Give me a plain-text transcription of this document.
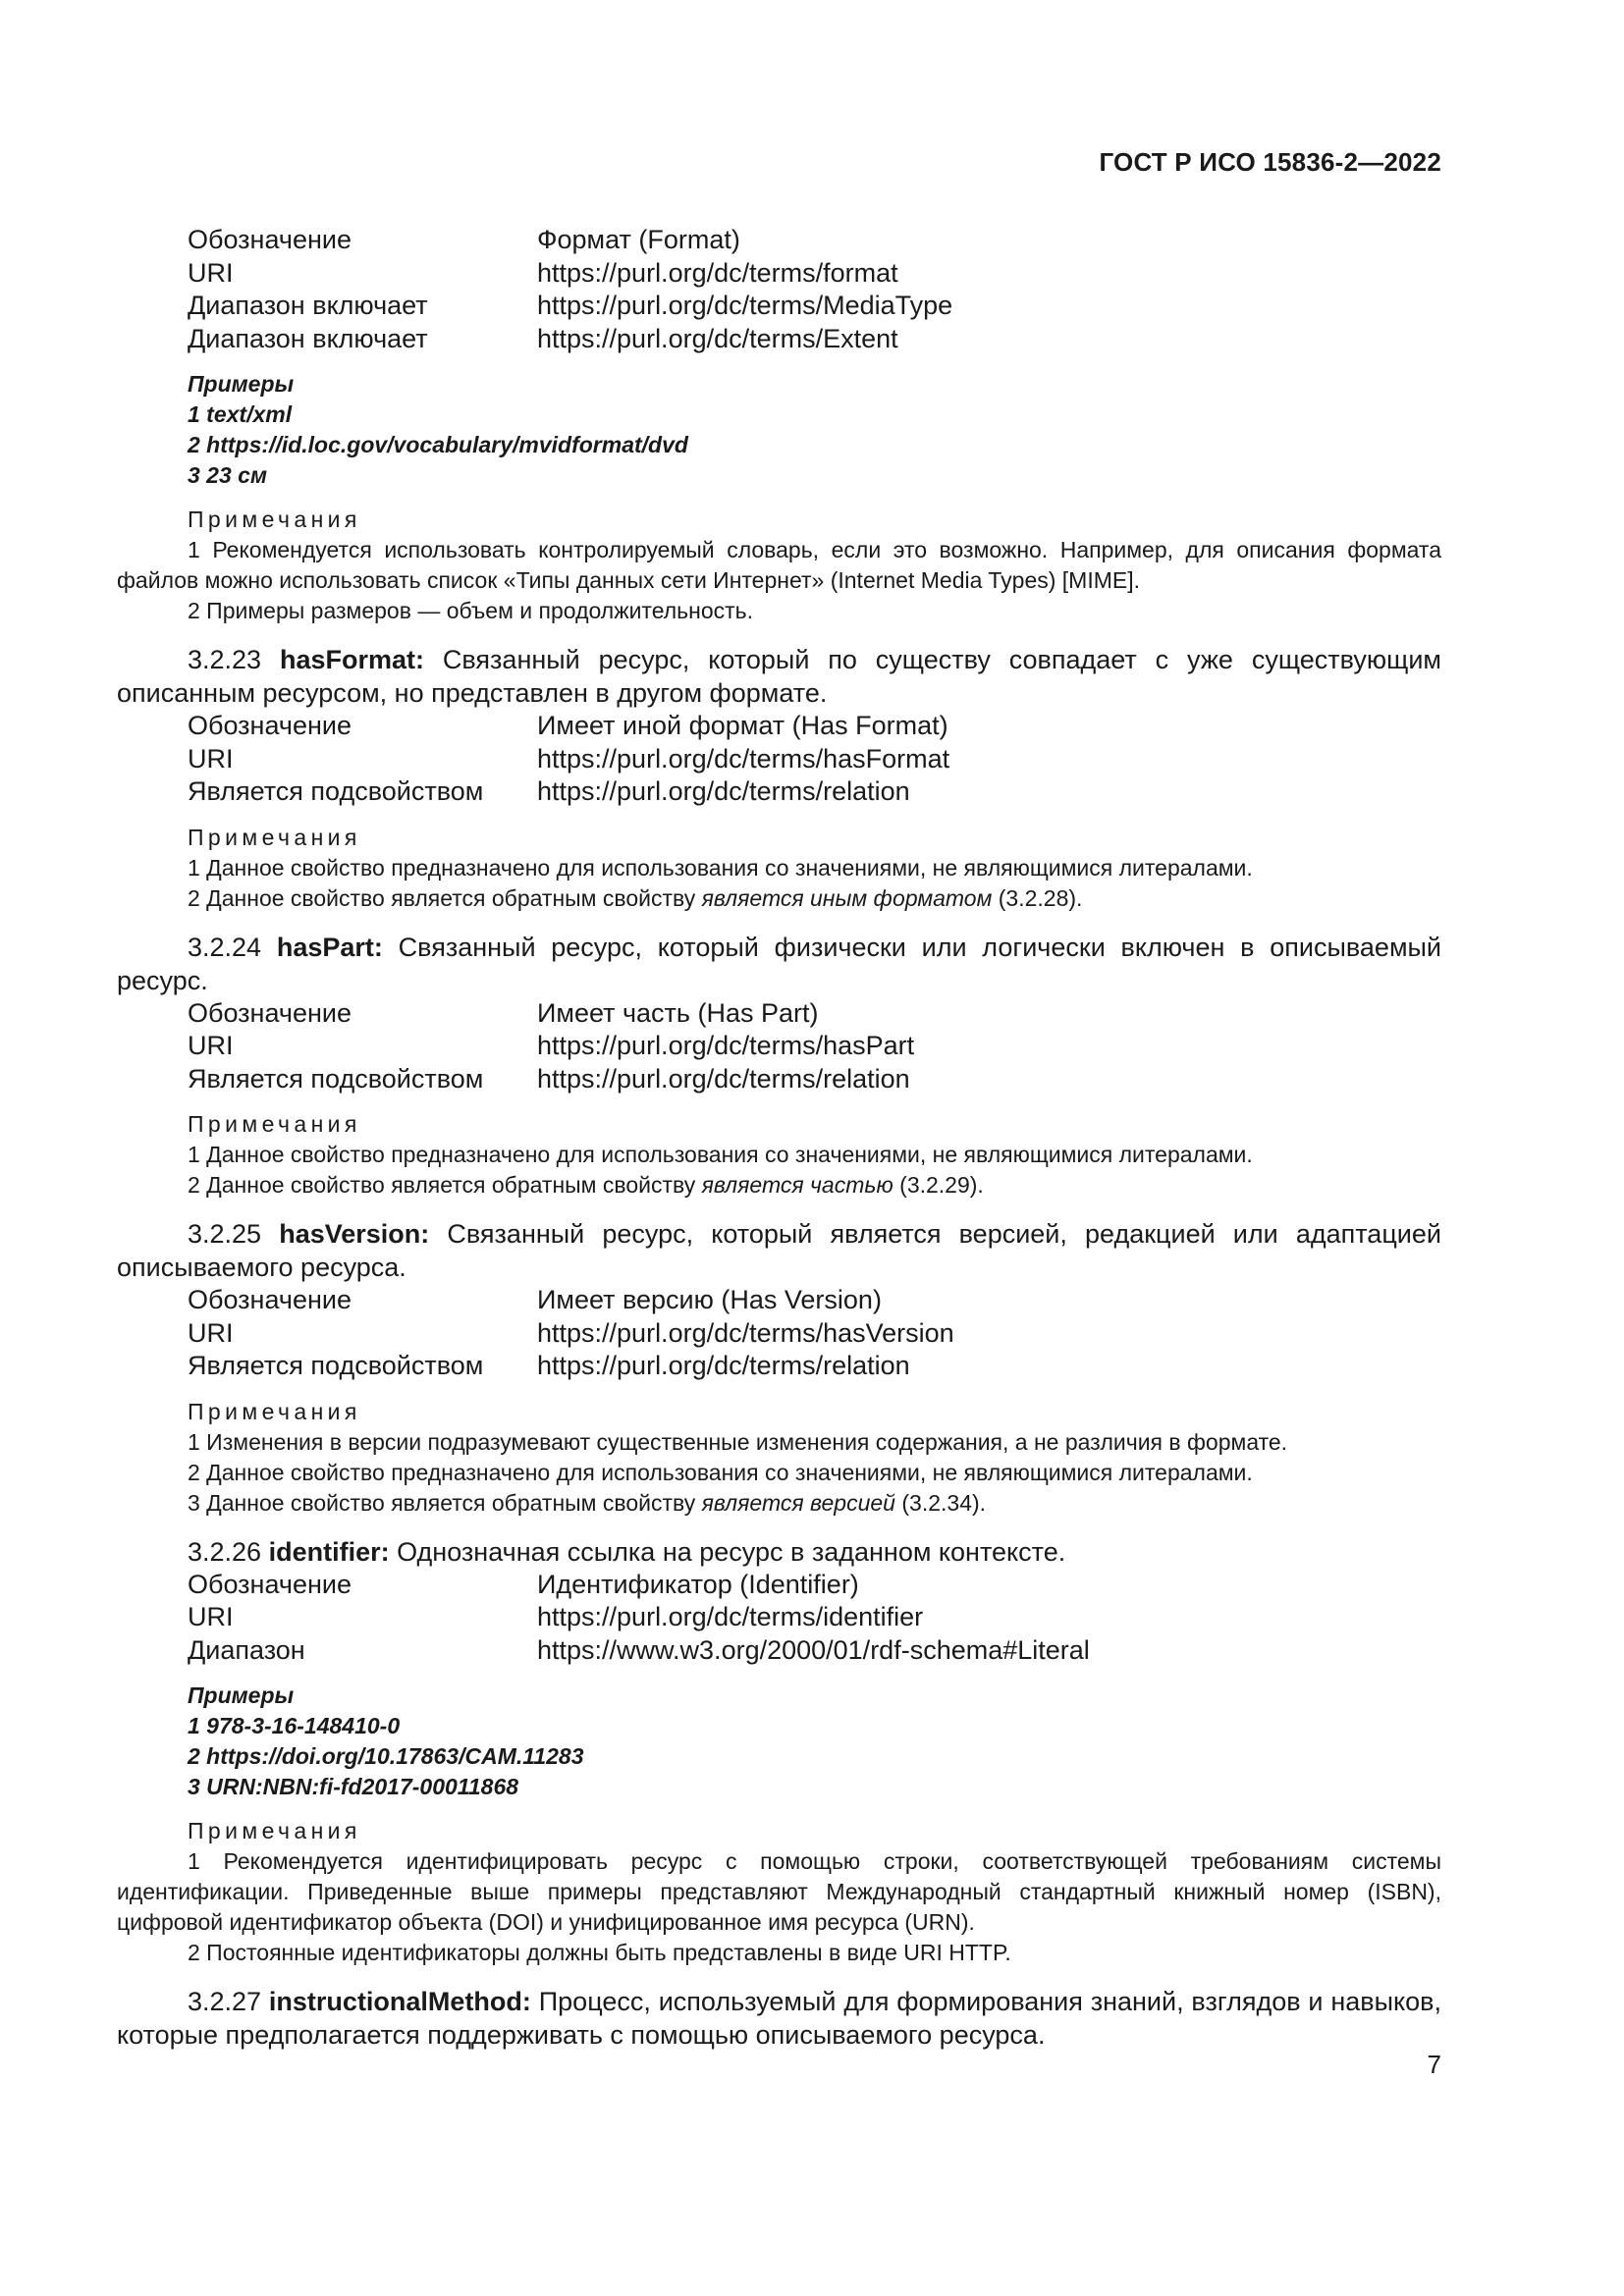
ГОСТ Р ИСО 15836-2—2022
Обозначение	Формат (Format)
URI	https://purl.org/dc/terms/format
Диапазон включает	https://purl.org/dc/terms/MediaType
Диапазон включает	https://purl.org/dc/terms/Extent

Примеры

1 text/xml

2 https://id.loc.gov/vocabulary/mvidformat/dvd

3 23 см

Примечания

1 Рекомендуется использовать контролируемый словарь, если это возможно. Например, для описания формата файлов можно использовать список «Типы данных сети Интернет» (Internet Media Types) [MIME].

2 Примеры размеров — объем и продолжительность.

3.2.23 hasFormat: Связанный ресурс, который по существу совпадает с уже существующим описанным ресурсом, но представлен в другом формате.

Обозначение	Имеет иной формат (Has Format)
URI	https://purl.org/dc/terms/hasFormat
Является подсвойством	https://purl.org/dc/terms/relation

Примечания

1 Данное свойство предназначено для использования со значениями, не являющимися литералами.

2 Данное свойство является обратным свойству является иным форматом (3.2.28).

3.2.24 hasPart: Связанный ресурс, который физически или логически включен в описываемый ресурс.

Обозначение	Имеет часть (Has Part)
URI	https://purl.org/dc/terms/hasPart
Является подсвойством	https://purl.org/dc/terms/relation

Примечания

1 Данное свойство предназначено для использования со значениями, не являющимися литералами.

2 Данное свойство является обратным свойству является частью (3.2.29).

3.2.25 hasVersion: Связанный ресурс, который является версией, редакцией или адаптацией описываемого ресурса.

Обозначение	Имеет версию (Has Version)
URI	https://purl.org/dc/terms/hasVersion
Является подсвойством	https://purl.org/dc/terms/relation

Примечания

1 Изменения в версии подразумевают существенные изменения содержания, а не различия в формате.

2 Данное свойство предназначено для использования со значениями, не являющимися литералами.

3 Данное свойство является обратным свойству является версией (3.2.34).

3.2.26 identifier: Однозначная ссылка на ресурс в заданном контексте.

Обозначение	Идентификатор (Identifier)
URI	https://purl.org/dc/terms/identifier
Диапазон	https://www.w3.org/2000/01/rdf-schema#Literal

Примеры

1 978-3-16-148410-0

2 https://doi.org/10.17863/CAM.11283

3 URN:NBN:fi-fd2017-00011868

Примечания

1 Рекомендуется идентифицировать ресурс с помощью строки, соответствующей требованиям системы идентификации. Приведенные выше примеры представляют Международный стандартный книжный номер (ISBN), цифровой идентификатор объекта (DOI) и унифицированное имя ресурса (URN).

2 Постоянные идентификаторы должны быть представлены в виде URI HTTP.

3.2.27 instructionalMethod: Процесс, используемый для формирования знаний, взглядов и навыков, которые предполагается поддерживать с помощью описываемого ресурса.

7
